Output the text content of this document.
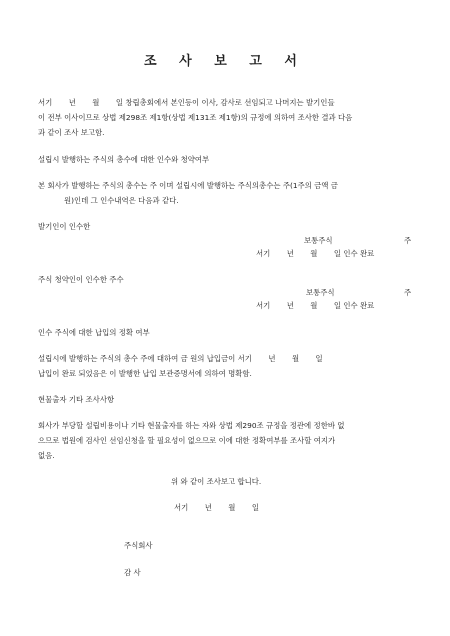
조 사 보 고 서
서기       년       월       일 창립총회에서 본인등이 이사, 감사로 선임되고 나머지는 발기인들
이 전부 이사이므로 상법 제298조 제1항(상법 제131조 제1항)의 규정에 의하여 조사한 결과 다음
과 같이 조사 보고함.
설립시 발행하는 주식의 총수에 대한 인수와 청약여부
본 회사가 발행하는 주식의 총수는 주 이며 설립시에 발행하는 주식의총수는 주(1주의 금액 금
원)인데 그 인수내역은 다음과 같다.
발기인이 인수한
보통주식	주
서기       년       월       일 인수 완료
주식 청약인이 인수한 주수
보통주식	주
서기       년       월       일 인수 완료
인수 주식에 대한 납입의 정확 여부
설립시에 발행하는 주식의 총수 주에 대하여 금 원의 납입금이 서기       년       월       일
납입이 완료 되었음은 이 발행한 납입 보관증명서에 의하여 명확함.
현물출자 기타 조사사항
회사가 부당할 설립비용이나 기타 현물출자를 하는 자와 상법 제290조 규정을 정관에 정한바 없
으므로 법원에 검사인 선임신청을 할 필요성이 없으므로 이에 대한 정확여부를 조사할 여지가
없음.
위 와 같이 조사보고 합니다.
서기       년       월       일
주식회사
감 사
